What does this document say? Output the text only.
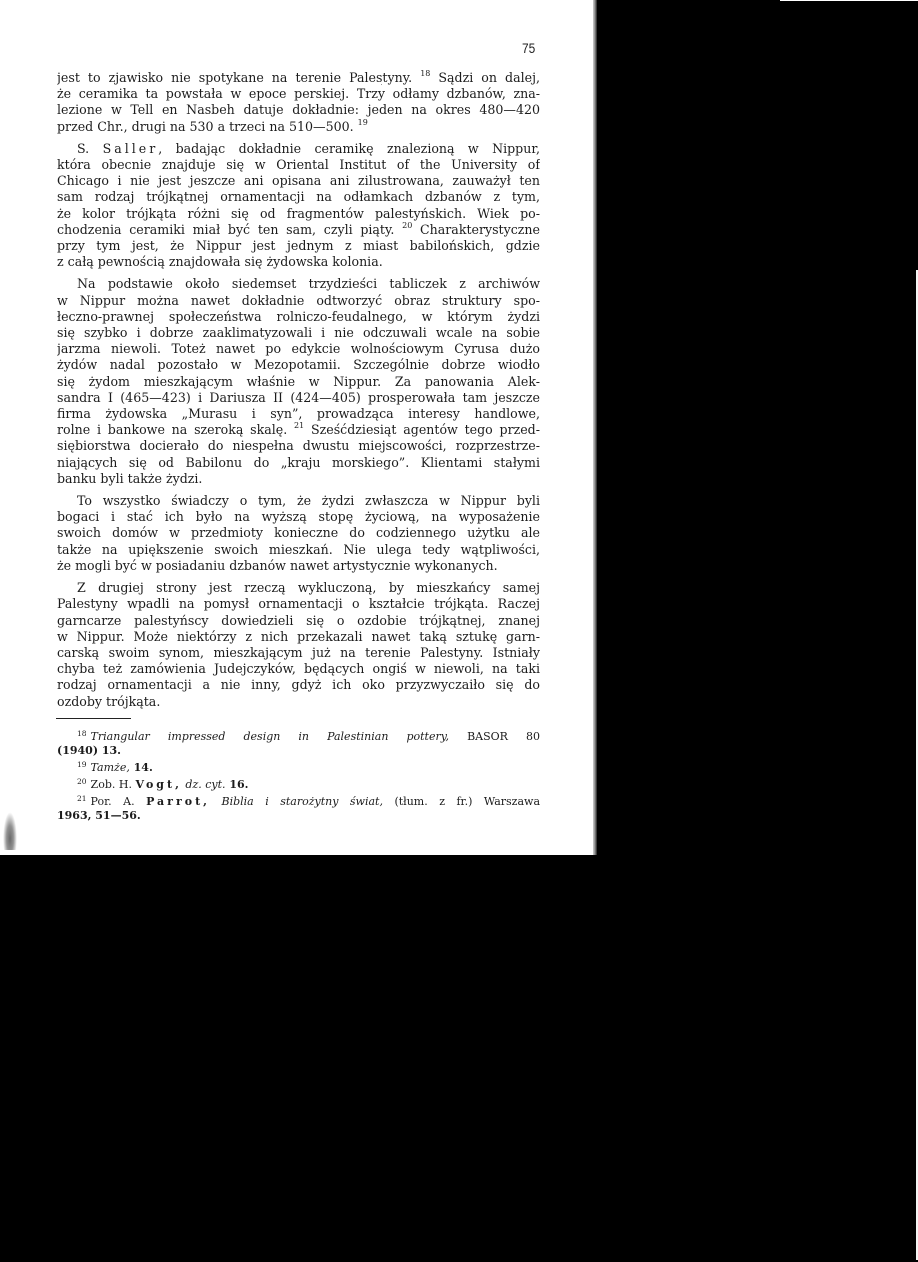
75
jest to zjawisko nie spotykane na terenie Palestyny. $^{18}$ Sądzi on dalej,
że ceramika ta powstała w epoce perskiej. Trzy odłamy dzbanów, zna-
lezione w Tell en Nasbeh datuje dokładnie: jeden na okres 480—420
przed Chr., drugi na 530 a trzeci na 510—500. $^{19}$
S. Saller, badając dokładnie ceramikę znalezioną w Nippur,
która obecnie znajduje się w Oriental Institut of the University of
Chicago i nie jest jeszcze ani opisana ani zilustrowana, zauważył ten
sam rodzaj trójkątnej ornamentacji na odłamkach dzbanów z tym,
że kolor trójkąta różni się od fragmentów palestyńskich. Wiek po-
chodzenia ceramiki miał być ten sam, czyli piąty. $^{20}$ Charakterystyczne
przy tym jest, że Nippur jest jednym z miast babilońskich, gdzie
z całą pewnością znajdowała się żydowska kolonia.
Na podstawie około siedemset trzydzieści tabliczek z archiwów
w Nippur można nawet dokładnie odtworzyć obraz struktury spo-
łeczno-prawnej społeczeństwa rolniczo-feudalnego, w którym żydzi
się szybko i dobrze zaaklimatyzowali i nie odczuwali wcale na sobie
jarzma niewoli. Toteż nawet po edykcie wolnościowym Cyrusa dużo
żydów nadal pozostało w Mezopotamii. Szczególnie dobrze wiodło
się żydom mieszkającym właśnie w Nippur. Za panowania Alek-
sandra I (465—423) i Dariusza II (424—405) prosperowała tam jeszcze
firma żydowska „Murasu i syn”, prowadząca interesy handlowe,
rolne i bankowe na szeroką skalę. $^{21}$ Sześćdziesiąt agentów tego przed-
siębiorstwa docierało do niespełna dwustu miejscowości, rozprzestrze-
niających się od Babilonu do „kraju morskiego”. Klientami stałymi
banku byli także żydzi.
To wszystko świadczy o tym, że żydzi zwłaszcza w Nippur byli
bogaci i stać ich było na wyższą stopę życiową, na wyposażenie
swoich domów w przedmioty konieczne do codziennego użytku ale
także na upiększenie swoich mieszkań. Nie ulega tedy wątpliwości,
że mogli być w posiadaniu dzbanów nawet artystycznie wykonanych.
Z drugiej strony jest rzeczą wykluczoną, by mieszkańcy samej
Palestyny wpadli na pomysł ornamentacji o kształcie trójkąta. Raczej
garncarze palestyńscy dowiedzieli się o ozdobie trójkątnej, znanej
w Nippur. Może niektórzy z nich przekazali nawet taką sztukę garn-
carską swoim synom, mieszkającym już na terenie Palestyny. Istniały
chyba też zamówienia Judejczyków, będących ongiś w niewoli, na taki
rodzaj ornamentacji a nie inny, gdyż ich oko przyzwyczaiło się do
ozdoby trójkąta.
$^{18}$ Triangular impressed design in Palestinian pottery, BASOR 80
(1940) 13.
$^{19}$ Tamże, 14.
$^{20}$ Zob. H. Vogt, dz. cyt. 16.
$^{21}$ Por. A. Parrot, Biblia i starożytny świat, (tłum. z fr.) Warszawa
1963, 51—56.
